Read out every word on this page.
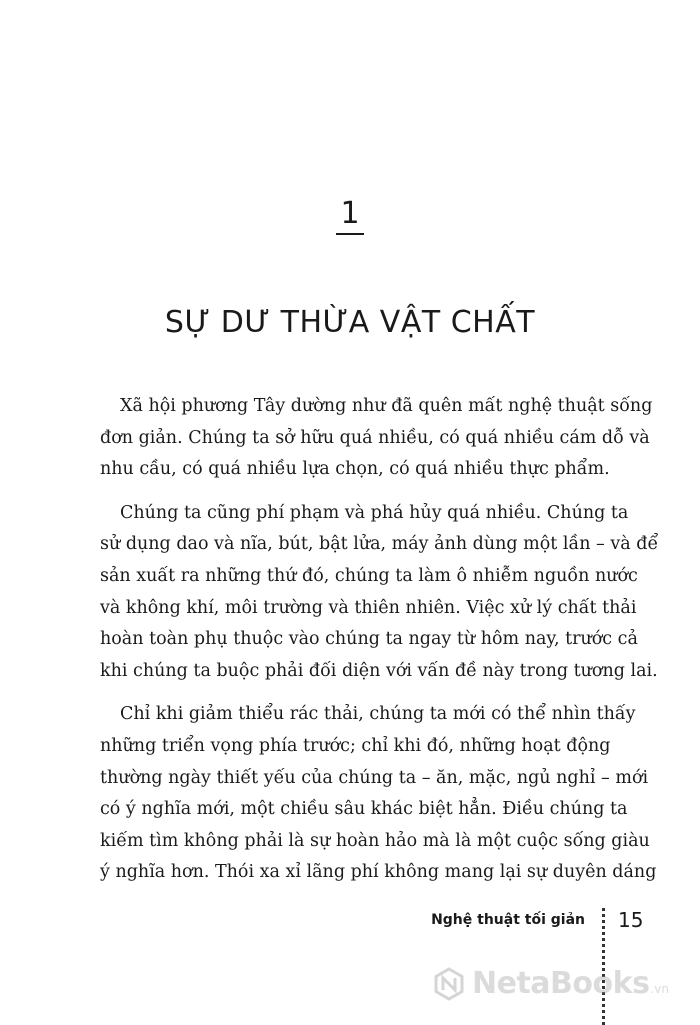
1
SỰ DƯ THỪA VẬT CHẤT

Xã hội phương Tây dường như đã quên mất nghệ thuật sống
đơn giản. Chúng ta sở hữu quá nhiều, có quá nhiều cám dỗ và
nhu cầu, có quá nhiều lựa chọn, có quá nhiều thực phẩm.

Chúng ta cũng phí phạm và phá hủy quá nhiều. Chúng ta
sử dụng dao và nĩa, bút, bật lửa, máy ảnh dùng một lần – và để
sản xuất ra những thứ đó, chúng ta làm ô nhiễm nguồn nước
và không khí, môi trường và thiên nhiên. Việc xử lý chất thải
hoàn toàn phụ thuộc vào chúng ta ngay từ hôm nay, trước cả
khi chúng ta buộc phải đối diện với vấn đề này trong tương lai.

Chỉ khi giảm thiểu rác thải, chúng ta mới có thể nhìn thấy
những triển vọng phía trước; chỉ khi đó, những hoạt động
thường ngày thiết yếu của chúng ta – ăn, mặc, ngủ nghỉ – mới
có ý nghĩa mới, một chiều sâu khác biệt hẳn. Điều chúng ta
kiếm tìm không phải là sự hoàn hảo mà là một cuộc sống giàu
ý nghĩa hơn. Thói xa xỉ lãng phí không mang lại sự duyên dáng

Nghệ thuật tối giản 15
NetaBooks .vn
